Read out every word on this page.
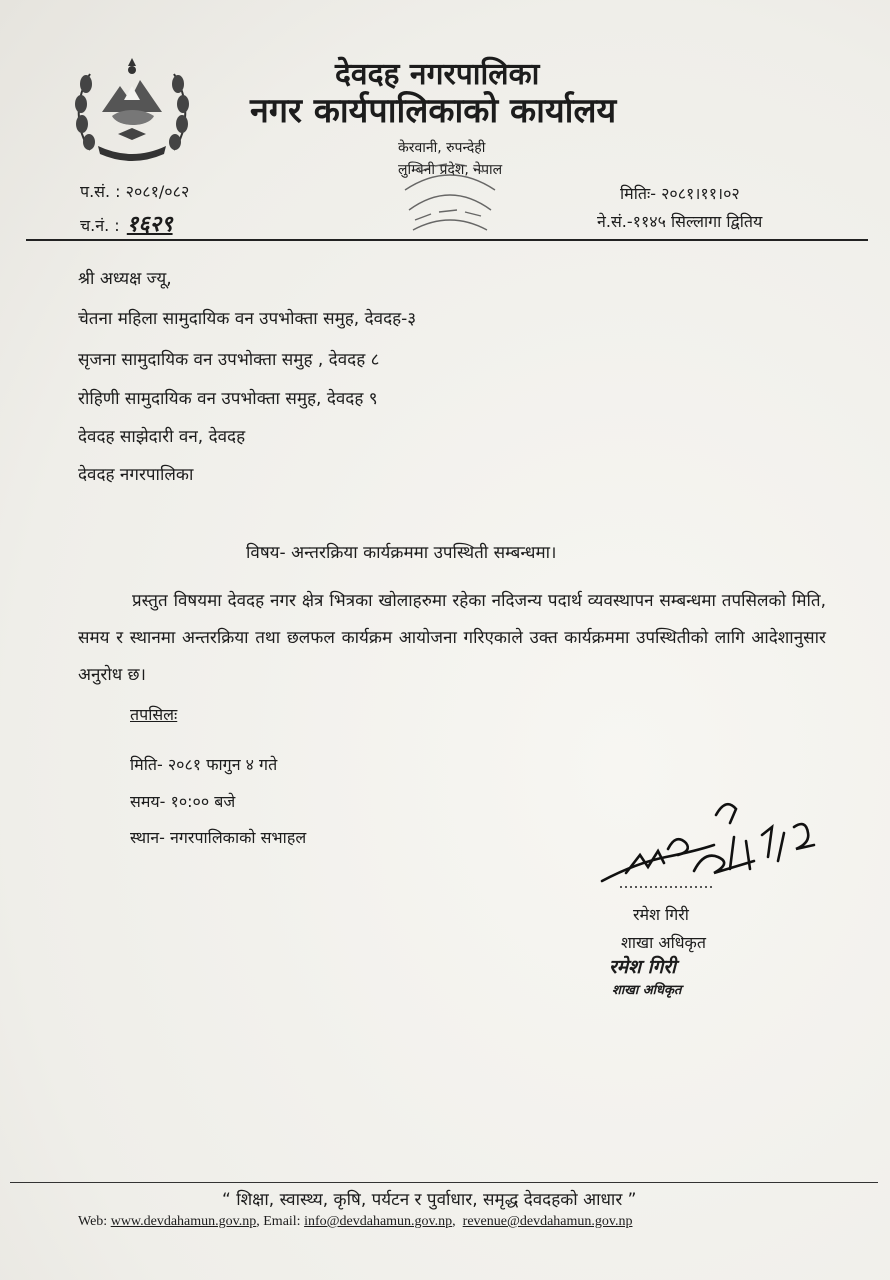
देवदह नगरपालिका
नगर कार्यपालिकाको कार्यालय
केरवानी, रुपन्देही
लुम्बिनी प्रदेश, नेपाल
प.सं. : २०८१/०८२
च.नं. : १६२९
मितिः- २०८१।११।०२
ने.सं.-११४५ सिल्लागा द्वितिय
श्री अध्यक्ष ज्यू,
चेतना महिला सामुदायिक वन उपभोक्ता समुह, देवदह-३
सृजना सामुदायिक वन उपभोक्ता समुह , देवदह ८
रोहिणी सामुदायिक वन उपभोक्ता समुह, देवदह ९
देवदह साझेदारी वन, देवदह
देवदह नगरपालिका
विषय- अन्तरक्रिया कार्यक्रममा उपस्थिती सम्बन्धमा।
प्रस्तुत विषयमा देवदह नगर क्षेत्र भित्रका खोलाहरुमा रहेका नदिजन्य पदार्थ व्यवस्थापन सम्बन्धमा तपसिलको मिति, समय र स्थानमा अन्तरक्रिया तथा छलफल कार्यक्रम आयोजना गरिएकाले उक्त कार्यक्रममा उपस्थितीको लागि आदेशानुसार अनुरोध छ।
तपसिलः
मिति- २०८१ फागुन ४ गते
समय- १०:०० बजे
स्थान- नगरपालिकाको सभाहल
रमेश गिरी
शाखा अधिकृत
रमेश गिरी
शाखा अधिकृत
“ शिक्षा, स्वास्थ्य, कृषि, पर्यटन र पुर्वाधार, समृद्ध देवदहको आधार ”
Web: www.devdahamun.gov.np, Email: info@devdahamun.gov.np,  revenue@devdahamun.gov.np
